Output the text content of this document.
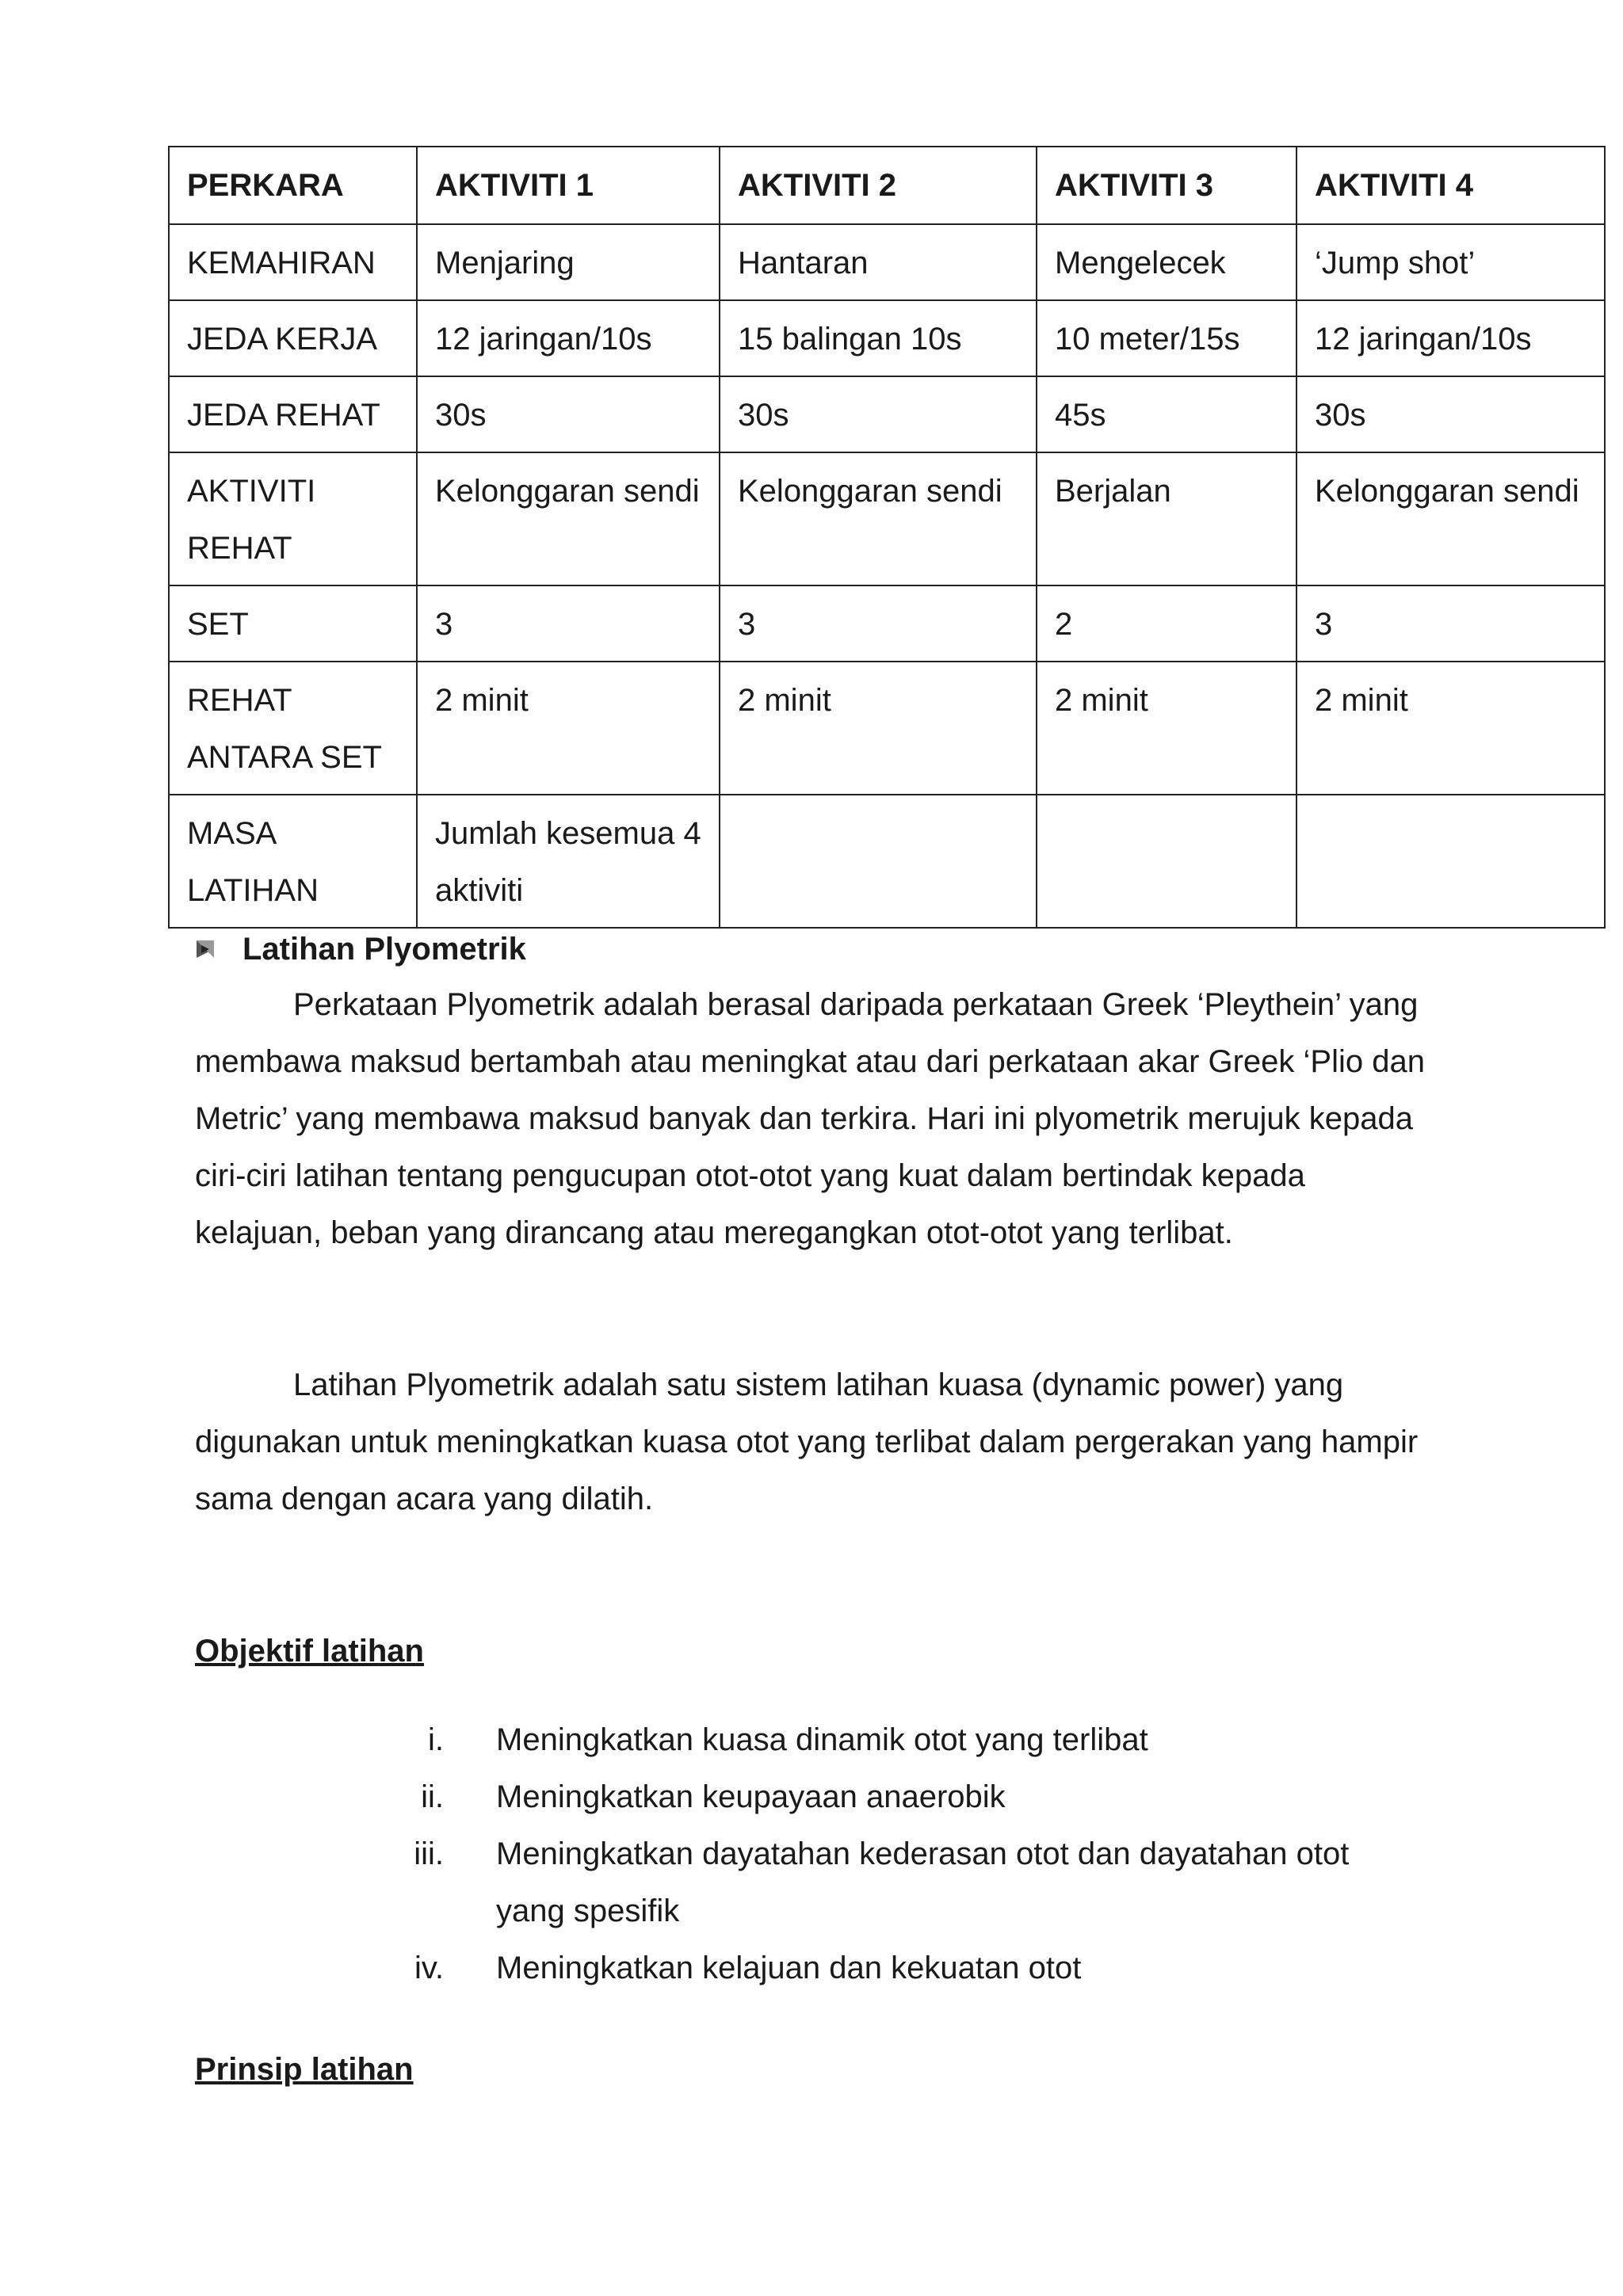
PERKARA	AKTIVITI 1	AKTIVITI 2	AKTIVITI 3	AKTIVITI 4
KEMAHIRAN	Menjaring	Hantaran	Mengelecek	‘Jump shot’
JEDA KERJA	12 jaringan/10s	15 balingan 10s	10 meter/15s	12 jaringan/10s
JEDA REHAT	30s	30s	45s	30s
AKTIVITI REHAT	Kelonggaran sendi	Kelonggaran sendi	Berjalan	Kelonggaran sendi
SET	3	3	2	3
REHAT ANTARA SET	2 minit	2 minit	2 minit	2 minit
MASA LATIHAN	Jumlah kesemua 4 aktiviti			
Latihan Plyometrik

Perkataan Plyometrik adalah berasal daripada perkataan Greek ‘Pleythein’ yang membawa maksud bertambah atau meningkat atau dari perkataan akar Greek ‘Plio dan Metric’ yang membawa maksud banyak dan terkira. Hari ini plyometrik merujuk kepada ciri-ciri latihan tentang pengucupan otot-otot yang kuat dalam bertindak kepada kelajuan, beban yang dirancang atau meregangkan otot-otot yang terlibat.

Latihan Plyometrik adalah satu sistem latihan kuasa (dynamic power) yang digunakan untuk meningkatkan kuasa otot yang terlibat dalam pergerakan yang hampir sama dengan acara yang dilatih.

Objektif latihan
i.	Meningkatkan kuasa dinamik otot yang terlibat
ii.	Meningkatkan keupayaan anaerobik
iii.	Meningkatkan dayatahan kederasan otot dan dayatahan otot yang spesifik
iv.	Meningkatkan kelajuan dan kekuatan otot
Prinsip latihan
